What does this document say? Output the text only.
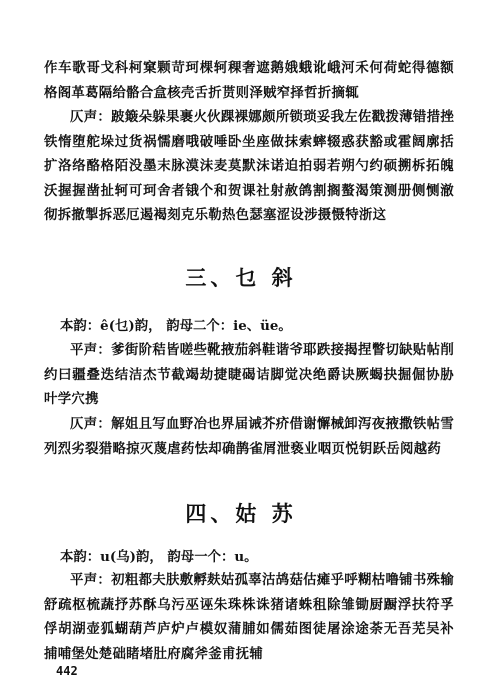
作车歌哥戈科柯窠颗苛珂棵轲稞奢遮鹅娥蛾讹峨河禾何荷蛇得德额格阁革葛隔给骼合盒核壳舌折贳则泽贼窄择哲折摘辄

仄声：跛簸朵躲果裹火伙踝裸娜颇所锁琐妥我左佐戳拨薄错措挫铁惰堕舵垛过货祸懦磨哦破唾卧坐座做抹索蟀辍惑获豁或霍阔廓括扩洛络酪格陌没墨末脉漠沫麦莫默沫诺迫拍弱若朔勺约硕搠柝拓魄沃握握凿扯轲可珂舍者锇个和贺课社射赦鸽割搁螯渴策测册侧恻澈彻拆撤掣拆恶厄遏褐刻克乐勒热色瑟塞涩设涉摄慑特浙这

三、乜 斜

本韵：ê(乜)韵， 韵母二个：ie、üe。

平声：爹街阶秸皆嗟些靴掖茄斜鞋谐爷耶跌接揭捏瞥切缺贴帖削约曰疆叠迭结洁杰节截竭劫捷睫碣诘脚觉决绝爵诀厥蝎抉掘倔协胁叶学穴携

仄声：解姐且写血野冶也界届诫芥疥借谢懈械卸泻夜掖撒铁帖雪列烈劣裂猎略掠灭蔑虐药怯却确鹊雀屑泄亵业咽页悦钥跃岳阅越药

四、姑 苏

本韵：u(乌)韵， 韵母一个：u。

平声：初粗都夫肤敷孵麸姑孤辜沽鸪菇估瘫乎呼糊枯噜铺书殊输舒疏枢梳蔬抒苏酥乌污巫诬朱珠株诛猪诸蛛租除雏锄厨蹰浮扶符孚俘胡湖壶狐蝴葫芦庐炉卢模奴蒲脯如儒茹图徒屠涂途荼无吾芜吴补捕哺堡处楚础睹堵肚府腐斧釜甫抚辅

442
